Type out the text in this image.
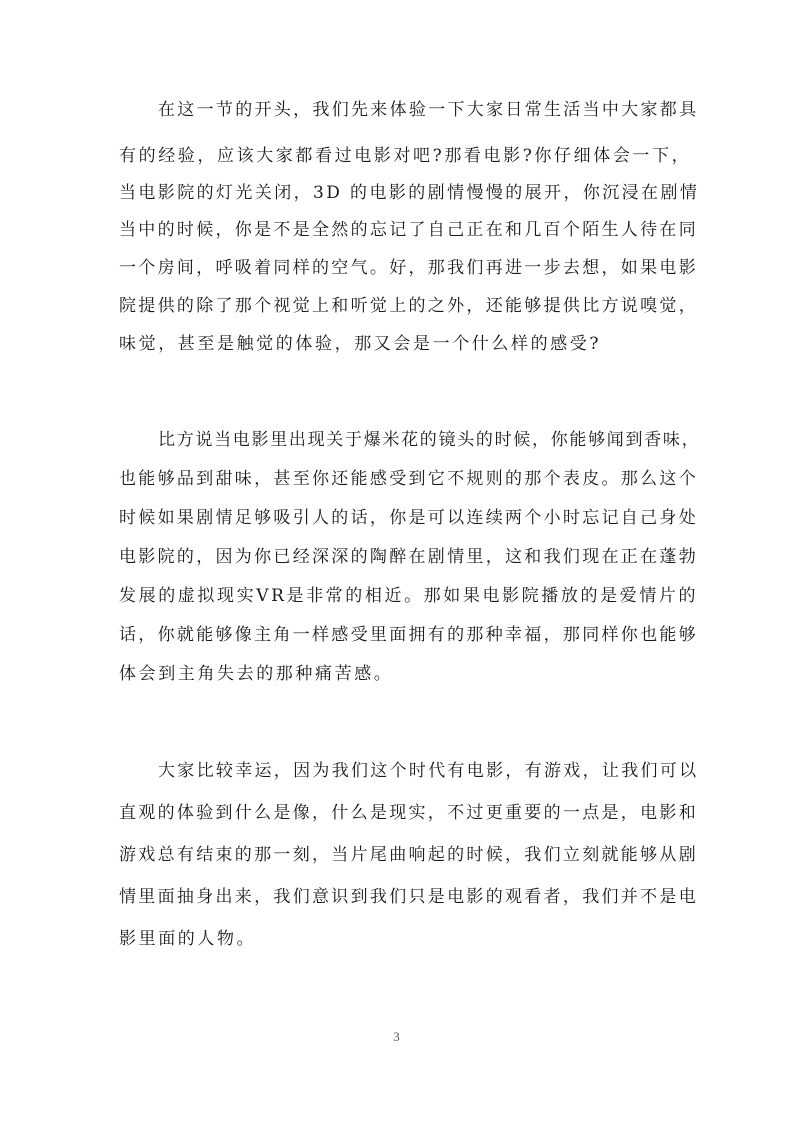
在这一节的开头，我们先来体验一下大家日常生活当中大家都具
有的经验，应该大家都看过电影对吧?那看电影?你仔细体会一下，
当电影院的灯光关闭，3D 的电影的剧情慢慢的展开，你沉浸在剧情
当中的时候，你是不是全然的忘记了自己正在和几百个陌生人待在同
一个房间，呼吸着同样的空气。好，那我们再进一步去想，如果电影
院提供的除了那个视觉上和听觉上的之外，还能够提供比方说嗅觉，
味觉，甚至是触觉的体验，那又会是一个什么样的感受?
比方说当电影里出现关于爆米花的镜头的时候，你能够闻到香味，
也能够品到甜味，甚至你还能感受到它不规则的那个表皮。那么这个
时候如果剧情足够吸引人的话，你是可以连续两个小时忘记自己身处
电影院的，因为你已经深深的陶醉在剧情里，这和我们现在正在蓬勃
发展的虚拟现实VR是非常的相近。那如果电影院播放的是爱情片的
话，你就能够像主角一样感受里面拥有的那种幸福，那同样你也能够
体会到主角失去的那种痛苦感。
大家比较幸运，因为我们这个时代有电影，有游戏，让我们可以
直观的体验到什么是像，什么是现实，不过更重要的一点是，电影和
游戏总有结束的那一刻，当片尾曲响起的时候，我们立刻就能够从剧
情里面抽身出来，我们意识到我们只是电影的观看者，我们并不是电
影里面的人物。
3
